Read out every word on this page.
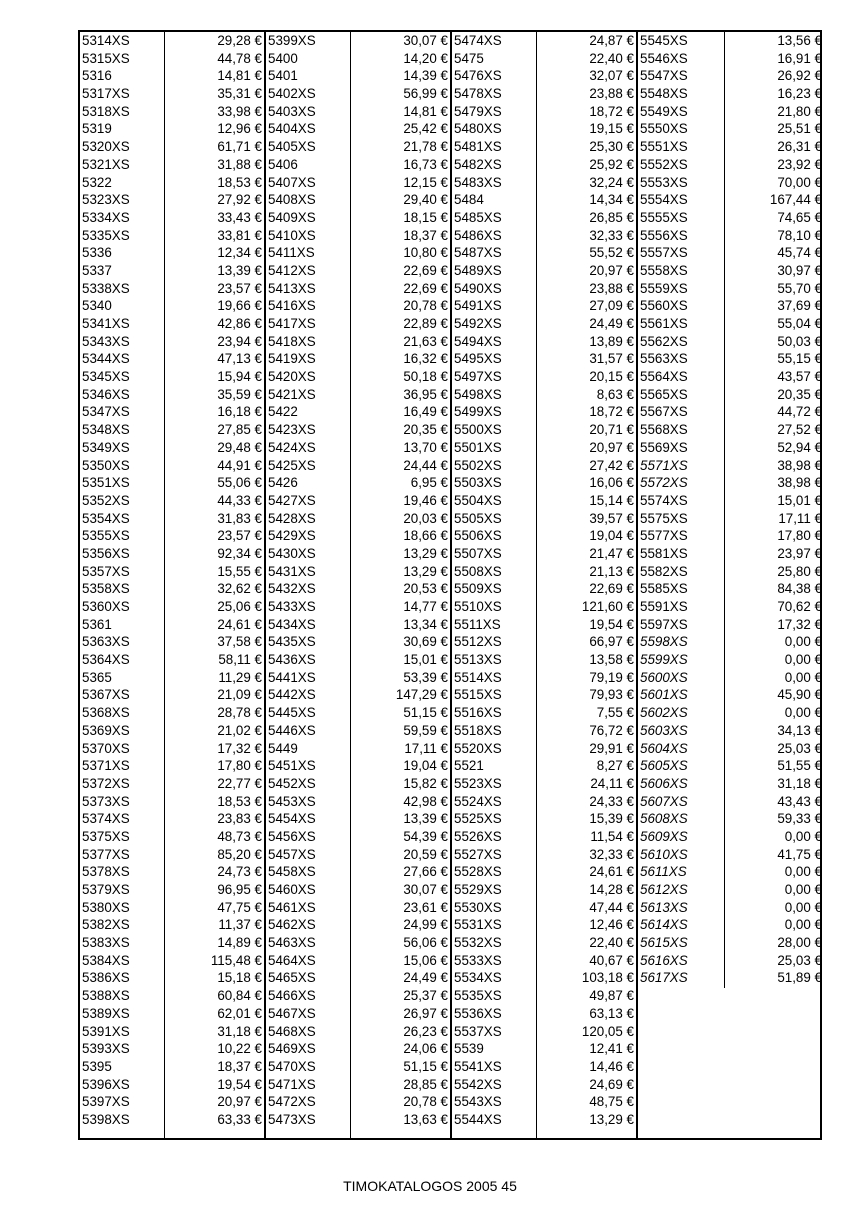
5314XS
5315XS
5316
5317XS
5318XS
5319
5320XS
5321XS
5322
5323XS
5334XS
5335XS
5336
5337
5338XS
5340
5341XS
5343XS
5344XS
5345XS
5346XS
5347XS
5348XS
5349XS
5350XS
5351XS
5352XS
5354XS
5355XS
5356XS
5357XS
5358XS
5360XS
5361
5363XS
5364XS
5365
5367XS
5368XS
5369XS
5370XS
5371XS
5372XS
5373XS
5374XS
5375XS
5377XS
5378XS
5379XS
5380XS
5382XS
5383XS
5384XS
5386XS
5388XS
5389XS
5391XS
5393XS
5395
5396XS
5397XS
5398XS
29,28 €
44,78 €
14,81 €
35,31 €
33,98 €
12,96 €
61,71 €
31,88 €
18,53 €
27,92 €
33,43 €
33,81 €
12,34 €
13,39 €
23,57 €
19,66 €
42,86 €
23,94 €
47,13 €
15,94 €
35,59 €
16,18 €
27,85 €
29,48 €
44,91 €
55,06 €
44,33 €
31,83 €
23,57 €
92,34 €
15,55 €
32,62 €
25,06 €
24,61 €
37,58 €
58,11 €
11,29 €
21,09 €
28,78 €
21,02 €
17,32 €
17,80 €
22,77 €
18,53 €
23,83 €
48,73 €
85,20 €
24,73 €
96,95 €
47,75 €
11,37 €
14,89 €
115,48 €
15,18 €
60,84 €
62,01 €
31,18 €
10,22 €
18,37 €
19,54 €
20,97 €
63,33 €
5399XS
5400
5401
5402XS
5403XS
5404XS
5405XS
5406
5407XS
5408XS
5409XS
5410XS
5411XS
5412XS
5413XS
5416XS
5417XS
5418XS
5419XS
5420XS
5421XS
5422
5423XS
5424XS
5425XS
5426
5427XS
5428XS
5429XS
5430XS
5431XS
5432XS
5433XS
5434XS
5435XS
5436XS
5441XS
5442XS
5445XS
5446XS
5449
5451XS
5452XS
5453XS
5454XS
5456XS
5457XS
5458XS
5460XS
5461XS
5462XS
5463XS
5464XS
5465XS
5466XS
5467XS
5468XS
5469XS
5470XS
5471XS
5472XS
5473XS
30,07 €
14,20 €
14,39 €
56,99 €
14,81 €
25,42 €
21,78 €
16,73 €
12,15 €
29,40 €
18,15 €
18,37 €
10,80 €
22,69 €
22,69 €
20,78 €
22,89 €
21,63 €
16,32 €
50,18 €
36,95 €
16,49 €
20,35 €
13,70 €
24,44 €
6,95 €
19,46 €
20,03 €
18,66 €
13,29 €
13,29 €
20,53 €
14,77 €
13,34 €
30,69 €
15,01 €
53,39 €
147,29 €
51,15 €
59,59 €
17,11 €
19,04 €
15,82 €
42,98 €
13,39 €
54,39 €
20,59 €
27,66 €
30,07 €
23,61 €
24,99 €
56,06 €
15,06 €
24,49 €
25,37 €
26,97 €
26,23 €
24,06 €
51,15 €
28,85 €
20,78 €
13,63 €
5474XS
5475
5476XS
5478XS
5479XS
5480XS
5481XS
5482XS
5483XS
5484
5485XS
5486XS
5487XS
5489XS
5490XS
5491XS
5492XS
5494XS
5495XS
5497XS
5498XS
5499XS
5500XS
5501XS
5502XS
5503XS
5504XS
5505XS
5506XS
5507XS
5508XS
5509XS
5510XS
5511XS
5512XS
5513XS
5514XS
5515XS
5516XS
5518XS
5520XS
5521
5523XS
5524XS
5525XS
5526XS
5527XS
5528XS
5529XS
5530XS
5531XS
5532XS
5533XS
5534XS
5535XS
5536XS
5537XS
5539
5541XS
5542XS
5543XS
5544XS
24,87 €
22,40 €
32,07 €
23,88 €
18,72 €
19,15 €
25,30 €
25,92 €
32,24 €
14,34 €
26,85 €
32,33 €
55,52 €
20,97 €
23,88 €
27,09 €
24,49 €
13,89 €
31,57 €
20,15 €
8,63 €
18,72 €
20,71 €
20,97 €
27,42 €
16,06 €
15,14 €
39,57 €
19,04 €
21,47 €
21,13 €
22,69 €
121,60 €
19,54 €
66,97 €
13,58 €
79,19 €
79,93 €
7,55 €
76,72 €
29,91 €
8,27 €
24,11 €
24,33 €
15,39 €
11,54 €
32,33 €
24,61 €
14,28 €
47,44 €
12,46 €
22,40 €
40,67 €
103,18 €
49,87 €
63,13 €
120,05 €
12,41 €
14,46 €
24,69 €
48,75 €
13,29 €
5545XS
5546XS
5547XS
5548XS
5549XS
5550XS
5551XS
5552XS
5553XS
5554XS
5555XS
5556XS
5557XS
5558XS
5559XS
5560XS
5561XS
5562XS
5563XS
5564XS
5565XS
5567XS
5568XS
5569XS
5571XS
5572XS
5574XS
5575XS
5577XS
5581XS
5582XS
5585XS
5591XS
5597XS
5598XS
5599XS
5600XS
5601XS
5602XS
5603XS
5604XS
5605XS
5606XS
5607XS
5608XS
5609XS
5610XS
5611XS
5612XS
5613XS
5614XS
5615XS
5616XS
5617XS
13,56 €
16,91 €
26,92 €
16,23 €
21,80 €
25,51 €
26,31 €
23,92 €
70,00 €
167,44 €
74,65 €
78,10 €
45,74 €
30,97 €
55,70 €
37,69 €
55,04 €
50,03 €
55,15 €
43,57 €
20,35 €
44,72 €
27,52 €
52,94 €
38,98 €
38,98 €
15,01 €
17,11 €
17,80 €
23,97 €
25,80 €
84,38 €
70,62 €
17,32 €
0,00 €
0,00 €
0,00 €
45,90 €
0,00 €
34,13 €
25,03 €
51,55 €
31,18 €
43,43 €
59,33 €
0,00 €
41,75 €
0,00 €
0,00 €
0,00 €
0,00 €
28,00 €
25,03 €
51,89 €
TIMOKATALOGOS 2005 45
